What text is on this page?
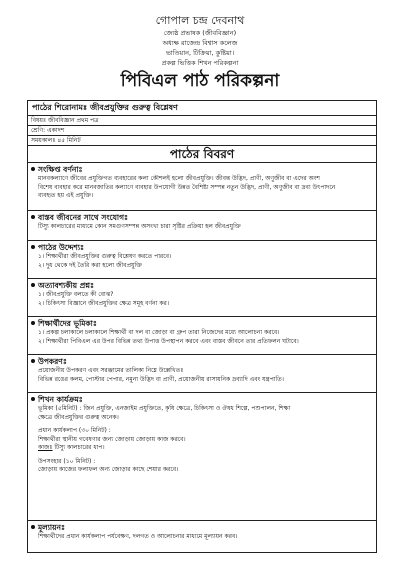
গোপাল চন্দ্র দেবনাথ
জ্যেষ্ঠ প্রভাষক (জীববিজ্ঞান)
অধ্যক্ষ রাজেন্দ্র বিশ্বাস কলেজ
ভাতিয়ান, টিক্রিয়া, কুষ্টিয়া।
প্রকল্প ভিত্তিক শিখন পরিকল্পনা
পিবিএল পাঠ পরিকল্পনা
পাঠের শিরোনামঃ জীবপ্রযুক্তির গুরুত্ব বিশ্লেষণ
বিষয়ঃ জীববিজ্ঞান প্রথম পত্র
শ্রেণি: একাদশ
সময়কালঃ ৪৫ মিনিট
পাঠের বিবরণ
সংক্ষিপ্ত বর্ণনাঃ

মানবকল্যাণে জীবের প্রযুক্তিগত ব্যবহারের কলা কৌশলই হলো জীবপ্রযুক্তি। জীবন্ত উদ্ভিদ, প্রাণী, অণুজীব বা এদের অংশ

বিশেষ ব্যবহার করে মানবজাতির কল্যাণে ব্যবহার উপযোগী উন্নত বৈশিষ্ট্য সম্পন্ন নতুন উদ্ভিদ, প্রাণী, অণুজীব বা দ্রব্য উৎপাদনে

ব্যবহৃত হয় এই প্রযুক্তি।

বাস্তব জীবনের সাথে সংযোগঃ

টিস্যু কালচারের মাধ্যমে কোন সমগুণসম্পন্ন অসংখ্য চারা সৃষ্টির প্রক্রিয়া হল জীবপ্রযুক্তি

পাঠের উদ্দেশ্যঃ

১। শিক্ষার্থীরা জীবপ্রযুক্তির গুরুত্ব বিশ্লেষণ করতে পারবে।

২। দুধ থেকে দই তৈরি করা হলো জীবপ্রযুক্তি

অত্যাবশ্যকীয় প্রশ্নঃ

১। জীবপ্রযুক্তি বলতে কী বোঝ?

২। চিকিৎসা বিজ্ঞানে জীবপ্রযুক্তির ক্ষেত্র সমূহ বর্ণনা কর।

শিক্ষার্থীদের ভূমিকাঃ

১। প্রকল্প চলাকালে চলাকালে শিক্ষার্থী বা দল বা জোড়া বা গ্রুপ তারা নিজেদের মধ্যে আলোচনা করবে।

২। শিক্ষার্থীরা পিবিএল এর উপর বিভিন্ন তথ্য উপাত্ত উপস্থাপন করবে এবং বাস্তব জীবনে তার প্রতিফলন ঘটাবে।

উপকরণঃ

প্রয়োজনীয় উপকরণ এবং সরঞ্জামের তালিকা নিম্নে উল্লেখিতঃ

বিভিন্ন রঙের কলম, পোস্টার পেপার, নমুনা উদ্ভিদ বা প্রাণী, প্রয়োজনীয় রাসায়নিক দ্রব্যাদি এবং যন্ত্রপাতি।

শিখন কার্যক্রমঃ

ভূমিকা (৫মিনিট) : জিন প্রযুক্তি, এনজাইম প্রযুক্তিতে, কৃষি ক্ষেত্রে, চিকিৎসা ও ঔষধ শিল্পে, পশুপালন, শিক্ষা

ক্ষেত্রে জীবপ্রযুক্তির গুরুত্ব অনেক।

প্রধান কার্যকলাপ (৩০ মিনিট) :

শিক্ষার্থীরা স্থানীয় গবেষণার জন্য জোড়ায় জোড়ায় কাজ করবে।

কাজঃ টিস্যু কালচারের ধাপ।

উপসংহার (১০ মিনিট) :

জোড়ায় কাজের ফলাফল অন্য জোড়ার কাছে শেয়ার করবে।

মূল্যায়নঃ

শিক্ষার্থীদের প্রধান কার্যকলাপ পর্যবেক্ষণ, দলগত ও আলোচনার মাধ্যমে মূল্যায়ন করব।
